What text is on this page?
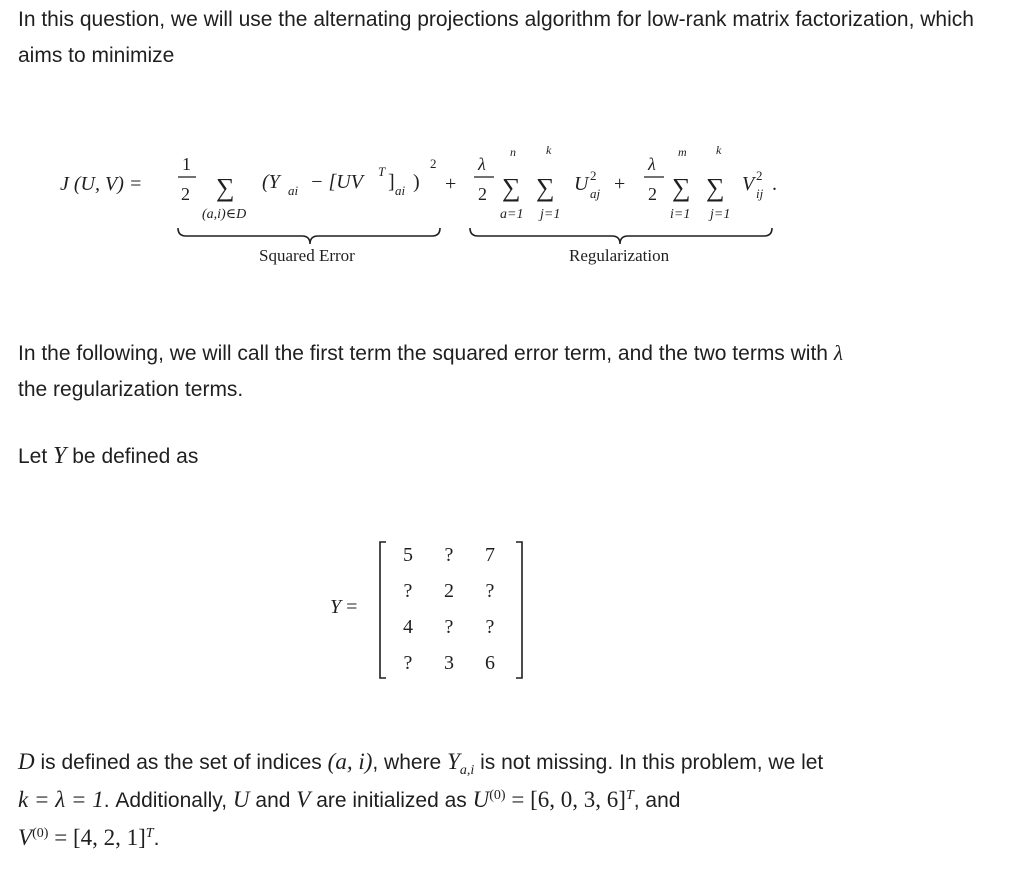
In this question, we will use the alternating projections algorithm for low-rank matrix factorization, which aims to minimize
J (U, V) =
1
2 ∑
(a,i)∈D
(Y ai − [UV T ] ai )
2
+
λ
2
n	k
∑ ∑
a=1 j=1
U 2
aj +
λ
2
m k
∑ ∑
i=1 j=1
V 2
ij .
Squared Error	Regularization
In the following, we will call the first term the squared error term, and the two terms with λ
the regularization terms.
Let Y be defined as
Y =
5	?	7
?	2	?
4	?	?
?	3	6
D is defined as the set of indices (a, i), where $Y_{a,i}$ is not missing. In this problem, we let
k = λ = 1. Additionally, U and V are initialized as $U^{(0)} = [6$, 0, 3, 6]$^T$, and
$V^{(0)} = [4$, 2, 1]$^T$.
